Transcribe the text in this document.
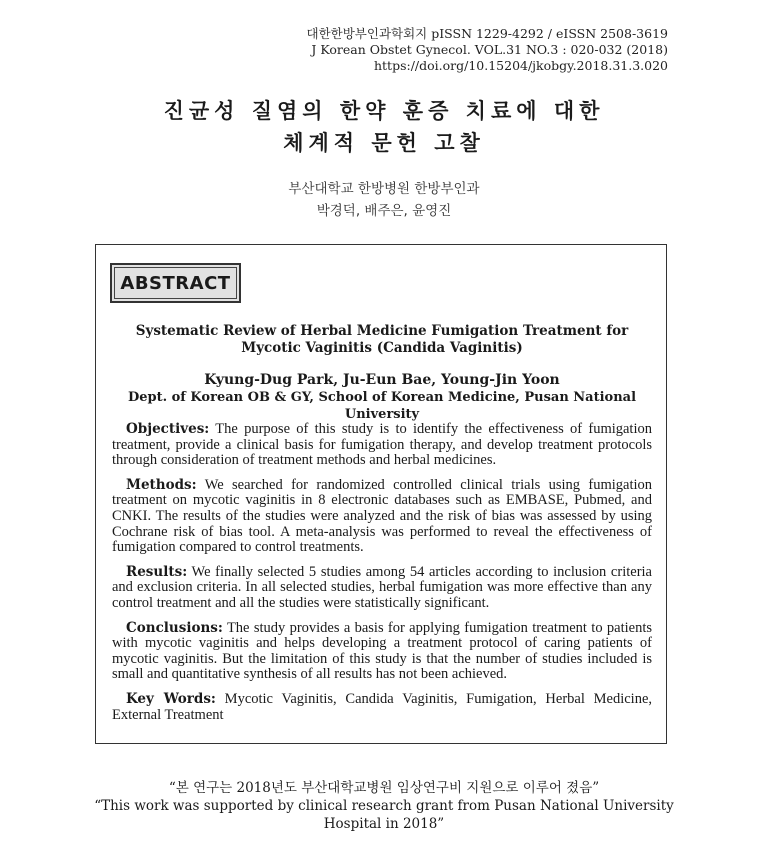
대한한방부인과학회지 pISSN 1229-4292 / eISSN 2508-3619
J Korean Obstet Gynecol. VOL.31 NO.3 : 020-032 (2018)
https://doi.org/10.15204/jkobgy.2018.31.3.020
진균성 질염의 한약 훈증 치료에 대한
체계적 문헌 고찰
부산대학교 한방병원 한방부인과
박경덕, 배주은, 윤영진
ABSTRACT
Systematic Review of Herbal Medicine Fumigation Treatment for
Mycotic Vaginitis (Candida Vaginitis)
Kyung-Dug Park, Ju-Eun Bae, Young-Jin Yoon
Dept. of Korean OB & GY, School of Korean Medicine, Pusan National University

Objectives: The purpose of this study is to identify the effectiveness of fumigation treatment, provide a clinical basis for fumigation therapy, and develop treatment protocols through consideration of treatment methods and herbal medicines.

Methods: We searched for randomized controlled clinical trials using fumigation treatment on mycotic vaginitis in 8 electronic databases such as EMBASE, Pubmed, and CNKI. The results of the studies were analyzed and the risk of bias was assessed by using Cochrane risk of bias tool. A meta-analysis was performed to reveal the effectiveness of fumigation compared to control treatments.

Results: We finally selected 5 studies among 54 articles according to inclusion criteria and exclusion criteria. In all selected studies, herbal fumigation was more effective than any control treatment and all the studies were statistically significant.

Conclusions: The study provides a basis for applying fumigation treatment to patients with mycotic vaginitis and helps developing a treatment protocol of caring patients of mycotic vaginitis. But the limitation of this study is that the number of studies included is small and quantitative synthesis of all results has not been achieved.

Key Words: Mycotic Vaginitis, Candida Vaginitis, Fumigation, Herbal Medicine, External Treatment

“본 연구는 2018년도 부산대학교병원 임상연구비 지원으로 이루어 졌음”
“This work was supported by clinical research grant from Pusan National University
Hospital in 2018”
